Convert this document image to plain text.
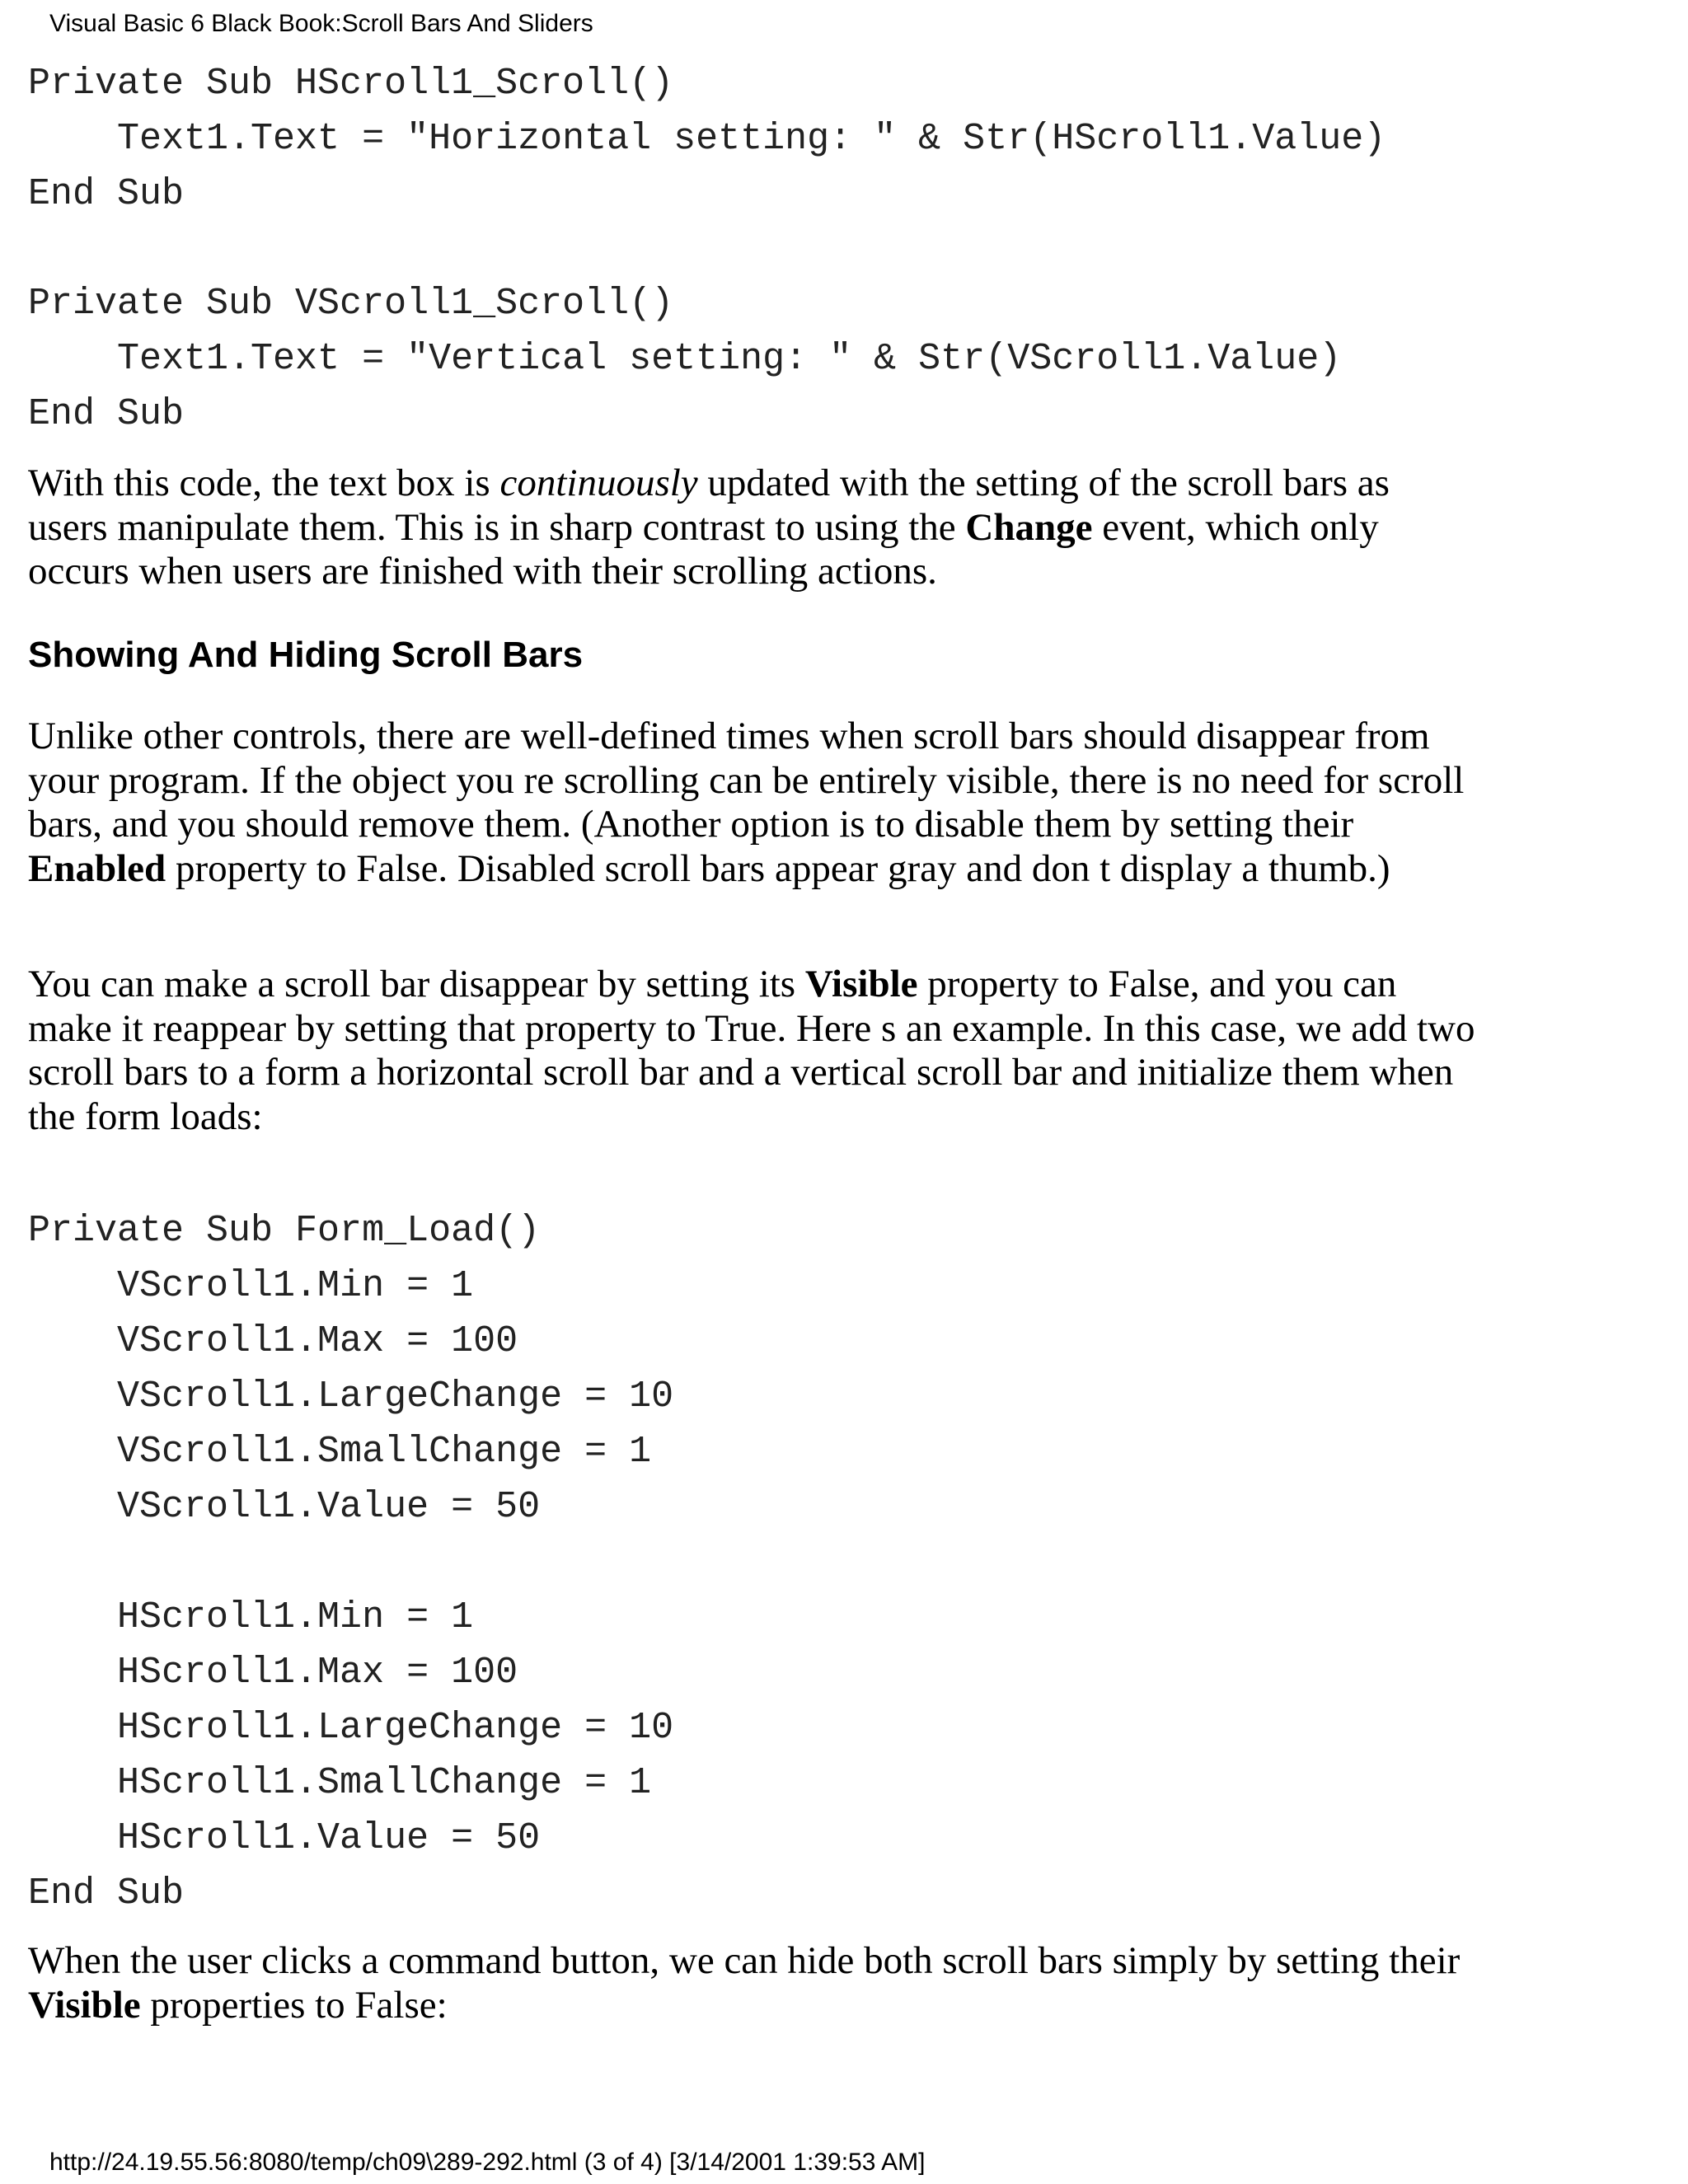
Visual Basic 6 Black Book:Scroll Bars And Sliders
Private Sub HScroll1_Scroll()
Text1.Text = "Horizontal setting: " & Str(HScroll1.Value)
End Sub
Private Sub VScroll1_Scroll()
Text1.Text = "Vertical setting: " & Str(VScroll1.Value)
End Sub

With this code, the text box is continuously updated with the setting of the scroll bars as users manipulate them. This is in sharp contrast to using the Change event, which only occurs when users are finished with their scrolling actions.

Showing And Hiding Scroll Bars

Unlike other controls, there are well-defined times when scroll bars should disappear from your program. If the object you re scrolling can be entirely visible, there is no need for scroll bars, and you should remove them. (Another option is to disable them by setting their Enabled property to False. Disabled scroll bars appear gray and don t display a thumb.)

You can make a scroll bar disappear by setting its Visible property to False, and you can make it reappear by setting that property to True. Here s an example. In this case, we add two scroll bars to a form a horizontal scroll bar and a vertical scroll bar and initialize them when the form loads:

Private Sub Form_Load()
VScroll1.Min = 1
VScroll1.Max = 100
VScroll1.LargeChange = 10
VScroll1.SmallChange = 1
VScroll1.Value = 50
HScroll1.Min = 1
HScroll1.Max = 100
HScroll1.LargeChange = 10
HScroll1.SmallChange = 1
HScroll1.Value = 50
End Sub

When the user clicks a command button, we can hide both scroll bars simply by setting their Visible properties to False:

http://24.19.55.56:8080/temp/ch09\289-292.html (3 of 4) [3/14/2001 1:39:53 AM]
